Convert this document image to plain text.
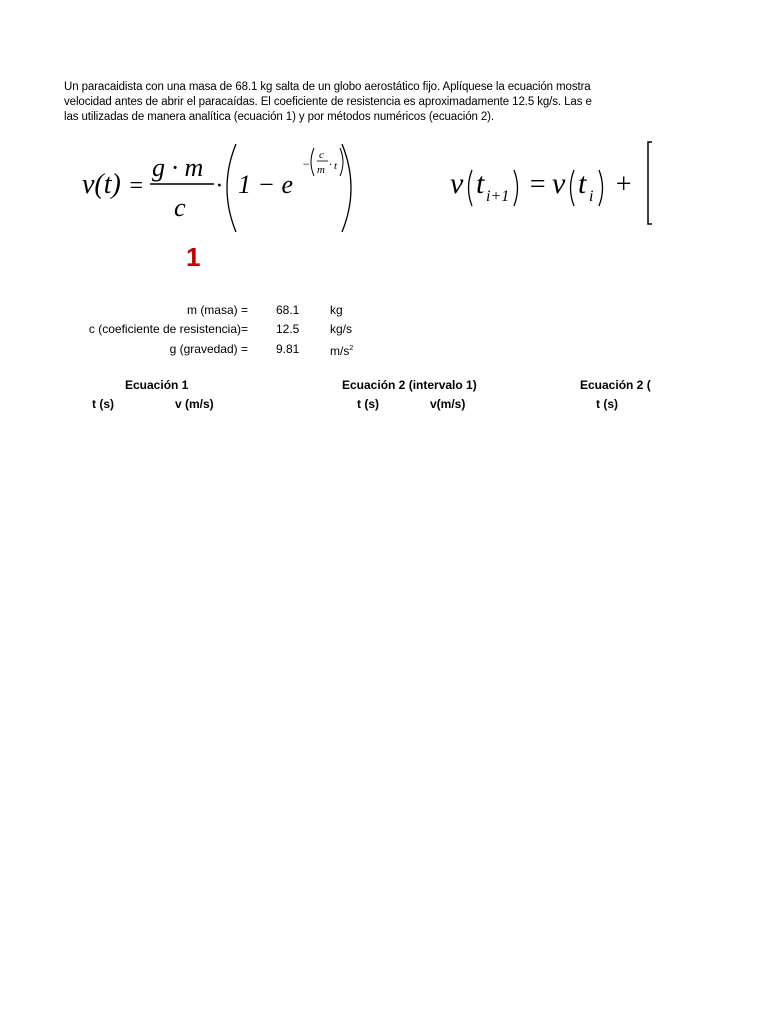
Un paracaidista con una masa de 68.1 kg salta de un globo aerostático fijo. Aplíquese la ecuación mostra
velocidad antes de abrir el paracaídas. El coeficiente de resistencia es aproximadamente 12.5 kg/s. Las e
las utilizadas de manera analítica (ecuación 1) y por métodos numéricos (ecuación 2).
v(t) =
g · m
c
· 1 − e
−
c
m · t
v t i+1 = v t i +
1
m (masa) = 68.1	kg
c (coeficiente de resistencia)= 12.5	kg/s
g (gravedad) = 9.81	$m/s^2$
Ecuación 1
t (s)	v (m/s)
Ecuación 2 (intervalo 1)
t (s)	v(m/s)
Ecuación 2 (
t (s)
